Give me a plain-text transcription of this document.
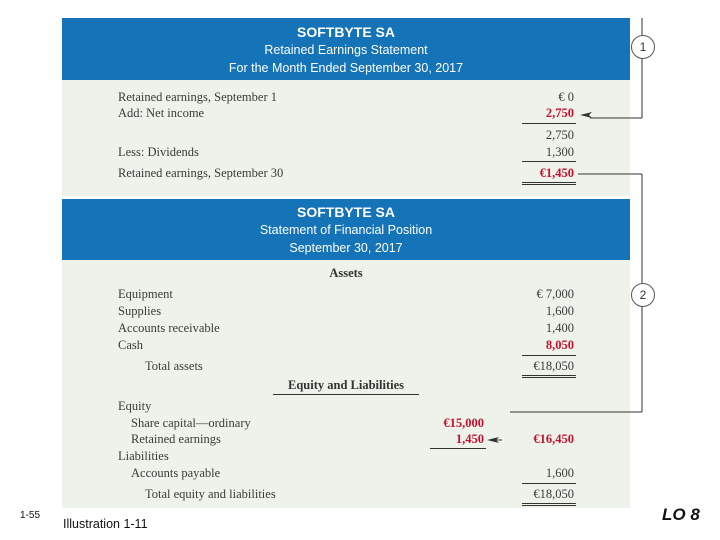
SOFTBYTE SA
Retained Earnings Statement
For the Month Ended September 30, 2017
Retained earnings, September 1	€ 0
Add: Net income	2,750
2,750
Less: Dividends	1,300
Retained earnings, September 30	€1,450
SOFTBYTE SA
Statement of Financial Position
September 30, 2017
Assets
Equipment	€ 7,000
Supplies	1,600
Accounts receivable	1,400
Cash	8,050
Total assets	€18,050
Equity and Liabilities
Equity
Share capital—ordinary	€15,000
Retained earnings	1,450	€16,450
Liabilities
Accounts payable	1,600
Total equity and liabilities	€18,050
1
2
1-55
Illustration 1-11	LO 8
